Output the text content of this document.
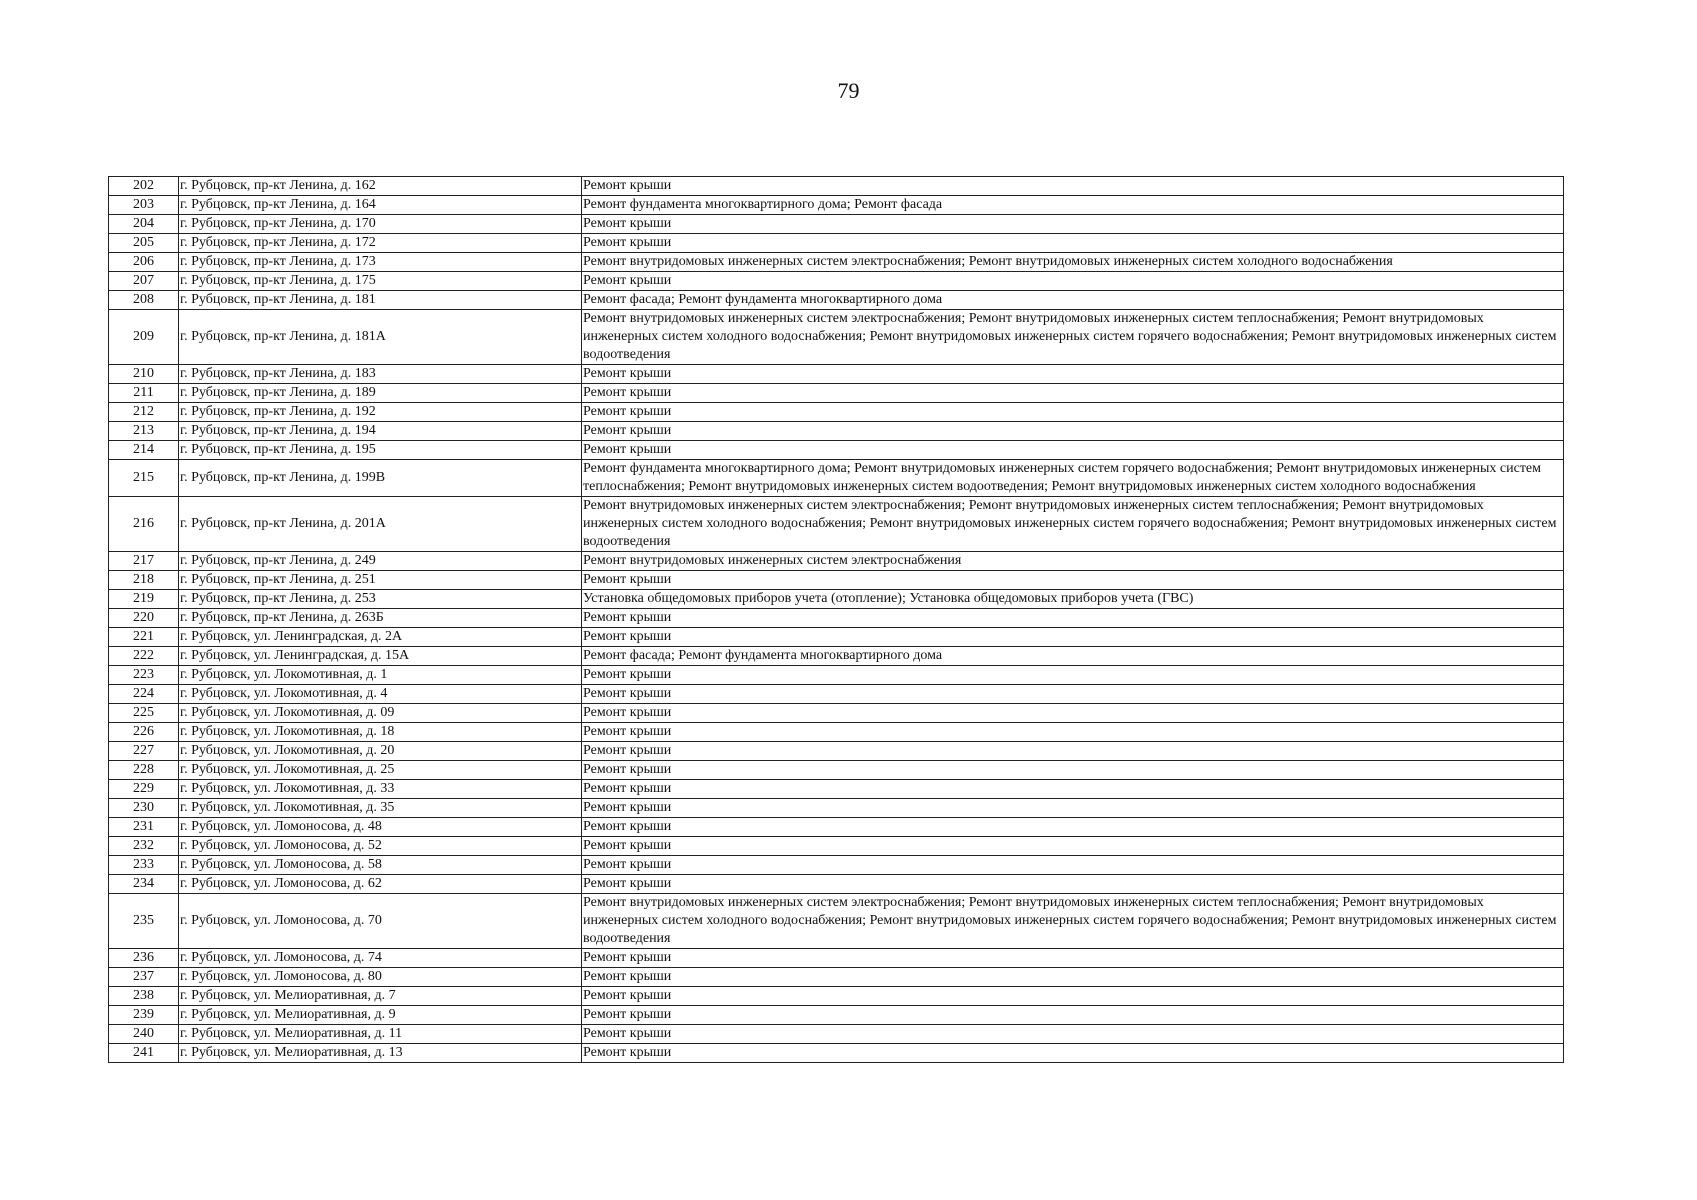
79
202	г. Рубцовск, пр-кт Ленина, д. 162	Ремонт крыши
203	г. Рубцовск, пр-кт Ленина, д. 164	Ремонт фундамента многоквартирного дома; Ремонт фасада
204	г. Рубцовск, пр-кт Ленина, д. 170	Ремонт крыши
205	г. Рубцовск, пр-кт Ленина, д. 172	Ремонт крыши
206	г. Рубцовск, пр-кт Ленина, д. 173	Ремонт внутридомовых инженерных систем электроснабжения; Ремонт внутридомовых инженерных систем холодного водоснабжения
207	г. Рубцовск, пр-кт Ленина, д. 175	Ремонт крыши
208	г. Рубцовск, пр-кт Ленина, д. 181	Ремонт фасада; Ремонт фундамента многоквартирного дома
209	г. Рубцовск, пр-кт Ленина, д. 181А	Ремонт внутридомовых инженерных систем электроснабжения; Ремонт внутридомовых инженерных систем теплоснабжения; Ремонт внутридомовых инженерных систем холодного водоснабжения; Ремонт внутридомовых инженерных систем горячего водоснабжения; Ремонт внутридомовых инженерных систем водоотведения
210	г. Рубцовск, пр-кт Ленина, д. 183	Ремонт крыши
211	г. Рубцовск, пр-кт Ленина, д. 189	Ремонт крыши
212	г. Рубцовск, пр-кт Ленина, д. 192	Ремонт крыши
213	г. Рубцовск, пр-кт Ленина, д. 194	Ремонт крыши
214	г. Рубцовск, пр-кт Ленина, д. 195	Ремонт крыши
215	г. Рубцовск, пр-кт Ленина, д. 199В	Ремонт фундамента многоквартирного дома; Ремонт внутридомовых инженерных систем горячего водоснабжения; Ремонт внутридомовых инженерных систем теплоснабжения; Ремонт внутридомовых инженерных систем водоотведения; Ремонт внутридомовых инженерных систем холодного водоснабжения
216	г. Рубцовск, пр-кт Ленина, д. 201А	Ремонт внутридомовых инженерных систем электроснабжения; Ремонт внутридомовых инженерных систем теплоснабжения; Ремонт внутридомовых инженерных систем холодного водоснабжения; Ремонт внутридомовых инженерных систем горячего водоснабжения; Ремонт внутридомовых инженерных систем водоотведения
217	г. Рубцовск, пр-кт Ленина, д. 249	Ремонт внутридомовых инженерных систем электроснабжения
218	г. Рубцовск, пр-кт Ленина, д. 251	Ремонт крыши
219	г. Рубцовск, пр-кт Ленина, д. 253	Установка общедомовых приборов учета (отопление); Установка общедомовых приборов учета (ГВС)
220	г. Рубцовск, пр-кт Ленина, д. 263Б	Ремонт крыши
221	г. Рубцовск, ул. Ленинградская, д. 2А	Ремонт крыши
222	г. Рубцовск, ул. Ленинградская, д. 15А	Ремонт фасада; Ремонт фундамента многоквартирного дома
223	г. Рубцовск, ул. Локомотивная, д. 1	Ремонт крыши
224	г. Рубцовск, ул. Локомотивная, д. 4	Ремонт крыши
225	г. Рубцовск, ул. Локомотивная, д. 09	Ремонт крыши
226	г. Рубцовск, ул. Локомотивная, д. 18	Ремонт крыши
227	г. Рубцовск, ул. Локомотивная, д. 20	Ремонт крыши
228	г. Рубцовск, ул. Локомотивная, д. 25	Ремонт крыши
229	г. Рубцовск, ул. Локомотивная, д. 33	Ремонт крыши
230	г. Рубцовск, ул. Локомотивная, д. 35	Ремонт крыши
231	г. Рубцовск, ул. Ломоносова, д. 48	Ремонт крыши
232	г. Рубцовск, ул. Ломоносова, д. 52	Ремонт крыши
233	г. Рубцовск, ул. Ломоносова, д. 58	Ремонт крыши
234	г. Рубцовск, ул. Ломоносова, д. 62	Ремонт крыши
235	г. Рубцовск, ул. Ломоносова, д. 70	Ремонт внутридомовых инженерных систем электроснабжения; Ремонт внутридомовых инженерных систем теплоснабжения; Ремонт внутридомовых инженерных систем холодного водоснабжения; Ремонт внутридомовых инженерных систем горячего водоснабжения; Ремонт внутридомовых инженерных систем водоотведения
236	г. Рубцовск, ул. Ломоносова, д. 74	Ремонт крыши
237	г. Рубцовск, ул. Ломоносова, д. 80	Ремонт крыши
238	г. Рубцовск, ул. Мелиоративная, д. 7	Ремонт крыши
239	г. Рубцовск, ул. Мелиоративная, д. 9	Ремонт крыши
240	г. Рубцовск, ул. Мелиоративная, д. 11	Ремонт крыши
241	г. Рубцовск, ул. Мелиоративная, д. 13	Ремонт крыши
